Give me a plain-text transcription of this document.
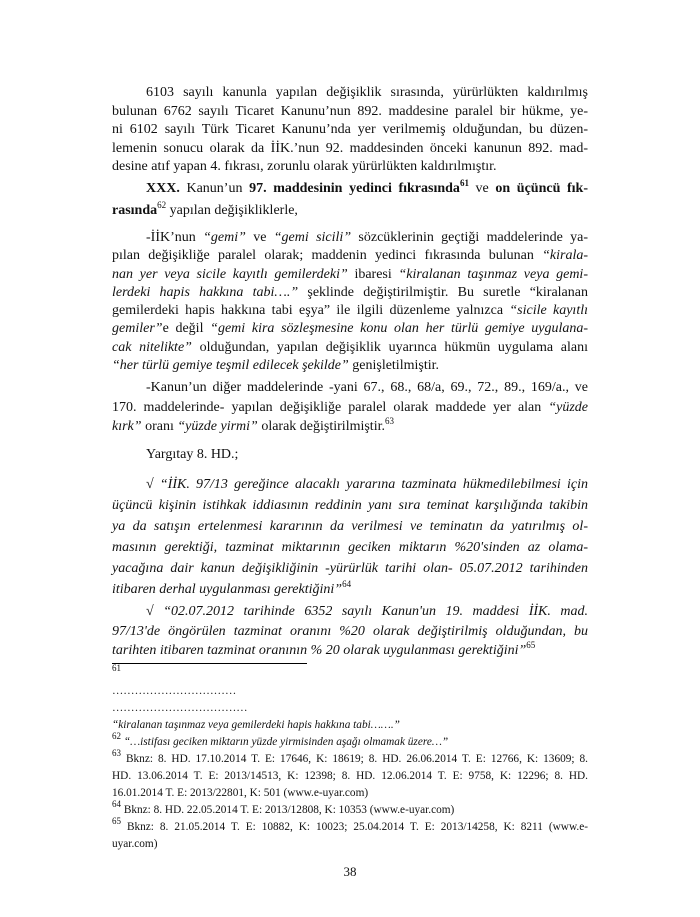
6103 sayılı kanunla yapılan değişiklik sırasında, yürürlükten kaldırılmış
bulunan 6762 sayılı Ticaret Kanunu’nun 892. maddesine paralel bir hükme, ye-
ni 6102 sayılı Türk Ticaret Kanunu’nda yer verilmemiş olduğundan, bu düzen-
lemenin sonucu olarak da İİK.’nun 92. maddesinden önceki kanunun 892. mad-
desine atıf yapan 4. fıkrası, zorunlu olarak yürürlükten kaldırılmıştır.
XXX. Kanun’un 97. maddesinin yedinci fıkrasında$^{61}$ ve on üçüncü fık-
rasında$^{62}$ yapılan değişikliklerle,
-İİK’nun “gemi” ve “gemi sicili” sözcüklerinin geçtiği maddelerinde ya-
pılan değişikliğe paralel olarak; maddenin yedinci fıkrasında bulunan “kirala-
nan yer veya sicile kayıtlı gemilerdeki” ibaresi “kiralanan taşınmaz veya gemi-
lerdeki hapis hakkına tabi….” şeklinde değiştirilmiştir. Bu suretle “kiralanan
gemilerdeki hapis hakkına tabi eşya” ile ilgili düzenleme yalnızca “sicile kayıtlı
gemiler”e değil “gemi kira sözleşmesine konu olan her türlü gemiye uygulana-
cak nitelikte” olduğundan, yapılan değişiklik uyarınca hükmün uygulama alanı
“her türlü gemiye teşmil edilecek şekilde” genişletilmiştir.
-Kanun’un diğer maddelerinde -yani 67., 68., 68/a, 69., 72., 89., 169/a., ve
170. maddelerinde- yapılan değişikliğe paralel olarak maddede yer alan “yüzde
kırk” oranı “yüzde yirmi” olarak değiştirilmiştir.$^{63}$
Yargıtay 8. HD.;
√ “İİK. 97/13 gereğince alacaklı yararına tazminata hükmedilebilmesi için
üçüncü kişinin istihkak iddiasının reddinin yanı sıra teminat karşılığında takibin
ya da satışın ertelenmesi kararının da verilmesi ve teminatın da yatırılmış ol-
masının gerektiği, tazminat miktarının geciken miktarın %20'sinden az olama-
yacağına dair kanun değişikliğinin -yürürlük tarihi olan- 05.07.2012 tarihinden
itibaren derhal uygulanması gerektiğini”$^{64}$
√ “02.07.2012 tarihinde 6352 sayılı Kanun'un 19. maddesi İİK. mad.
97/13'de öngörülen tazminat oranını %20 olarak değiştirilmiş olduğundan, bu
tarihten itibaren tazminat oranının % 20 olarak uygulanması gerektiğini”$^{65}$
$^{61}$
……………………………
………………………………
“kiralanan taşınmaz veya gemilerdeki hapis hakkına tabi…….”
$^{62}$ “…istifası geciken miktarın yüzde yirmisinden aşağı olmamak üzere…”
$^{63}$ Bknz: 8. HD. 17.10.2014 T. E: 17646, K: 18619; 8. HD. 26.06.2014 T. E: 12766, K: 13609; 8.
HD. 13.06.2014 T. E: 2013/14513, K: 12398; 8. HD. 12.06.2014 T. E: 9758, K: 12296; 8. HD.
16.01.2014 T. E: 2013/22801, K: 501 (www.e-uyar.com)
$^{64}$ Bknz: 8. HD. 22.05.2014 T. E: 2013/12808, K: 10353 (www.e-uyar.com)
$^{65}$ Bknz: 8. 21.05.2014 T. E: 10882, K: 10023; 25.04.2014 T. E: 2013/14258, K: 8211 (www.e-
uyar.com)
38
